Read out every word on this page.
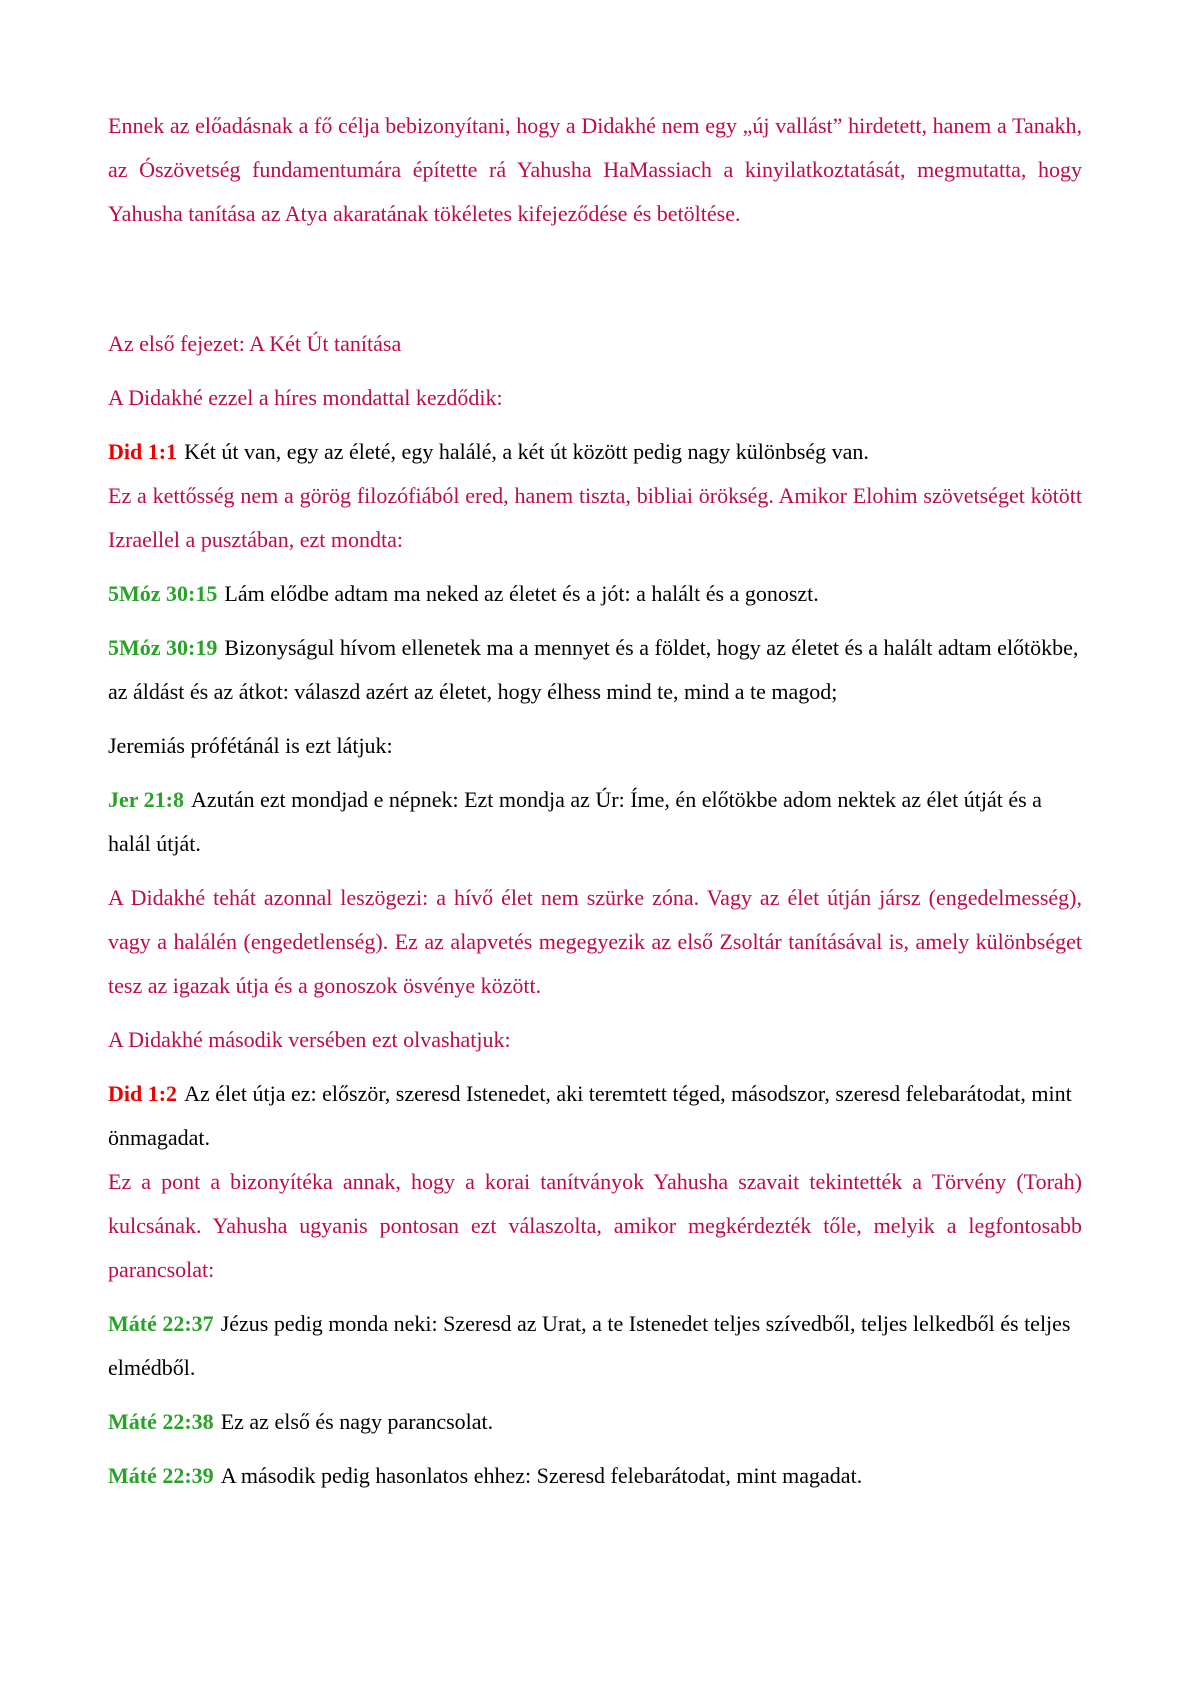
Ennek az előadásnak a fő célja bebizonyítani, hogy a Didakhé nem egy „új vallást” hirdetett, hanem a Tanakh, az Ószövetség fundamentumára építette rá Yahusha HaMassiach a kinyilatkoztatását, megmutatta, hogy Yahusha tanítása az Atya akaratának tökéletes kifejeződése és betöltése.

Az első fejezet: A Két Út tanítása

A Didakhé ezzel a híres mondattal kezdődik:

Did 1:1 Két út van, egy az életé, egy halálé, a két út között pedig nagy különbség van.

Ez a kettősség nem a görög filozófiából ered, hanem tiszta, bibliai örökség. Amikor Elohim szövetséget kötött Izraellel a pusztában, ezt mondta:

5Móz 30:15 Lám elődbe adtam ma neked az életet és a jót: a halált és a gonoszt.

5Móz 30:19 Bizonyságul hívom ellenetek ma a mennyet és a földet, hogy az életet és a halált adtam előtökbe, az áldást és az átkot: válaszd azért az életet, hogy élhess mind te, mind a te magod;

Jeremiás prófétánál is ezt látjuk:

Jer 21:8 Azután ezt mondjad e népnek: Ezt mondja az Úr: Íme, én előtökbe adom nektek az élet útját és a halál útját.

A Didakhé tehát azonnal leszögezi: a hívő élet nem szürke zóna. Vagy az élet útján jársz (engedelmesség), vagy a halálén (engedetlenség). Ez az alapvetés megegyezik az első Zsoltár tanításával is, amely különbséget tesz az igazak útja és a gonoszok ösvénye között.

A Didakhé második versében ezt olvashatjuk:

Did 1:2 Az élet útja ez: először, szeresd Istenedet, aki teremtett téged, másodszor, szeresd felebarátodat, mint önmagadat.

Ez a pont a bizonyítéka annak, hogy a korai tanítványok Yahusha szavait tekintették a Törvény (Torah) kulcsának. Yahusha ugyanis pontosan ezt válaszolta, amikor megkérdezték tőle, melyik a legfontosabb parancsolat:

Máté 22:37 Jézus pedig monda neki: Szeresd az Urat, a te Istenedet teljes szívedből, teljes lelkedből és teljes elmédből.

Máté 22:38 Ez az első és nagy parancsolat.

Máté 22:39 A második pedig hasonlatos ehhez: Szeresd felebarátodat, mint magadat.
